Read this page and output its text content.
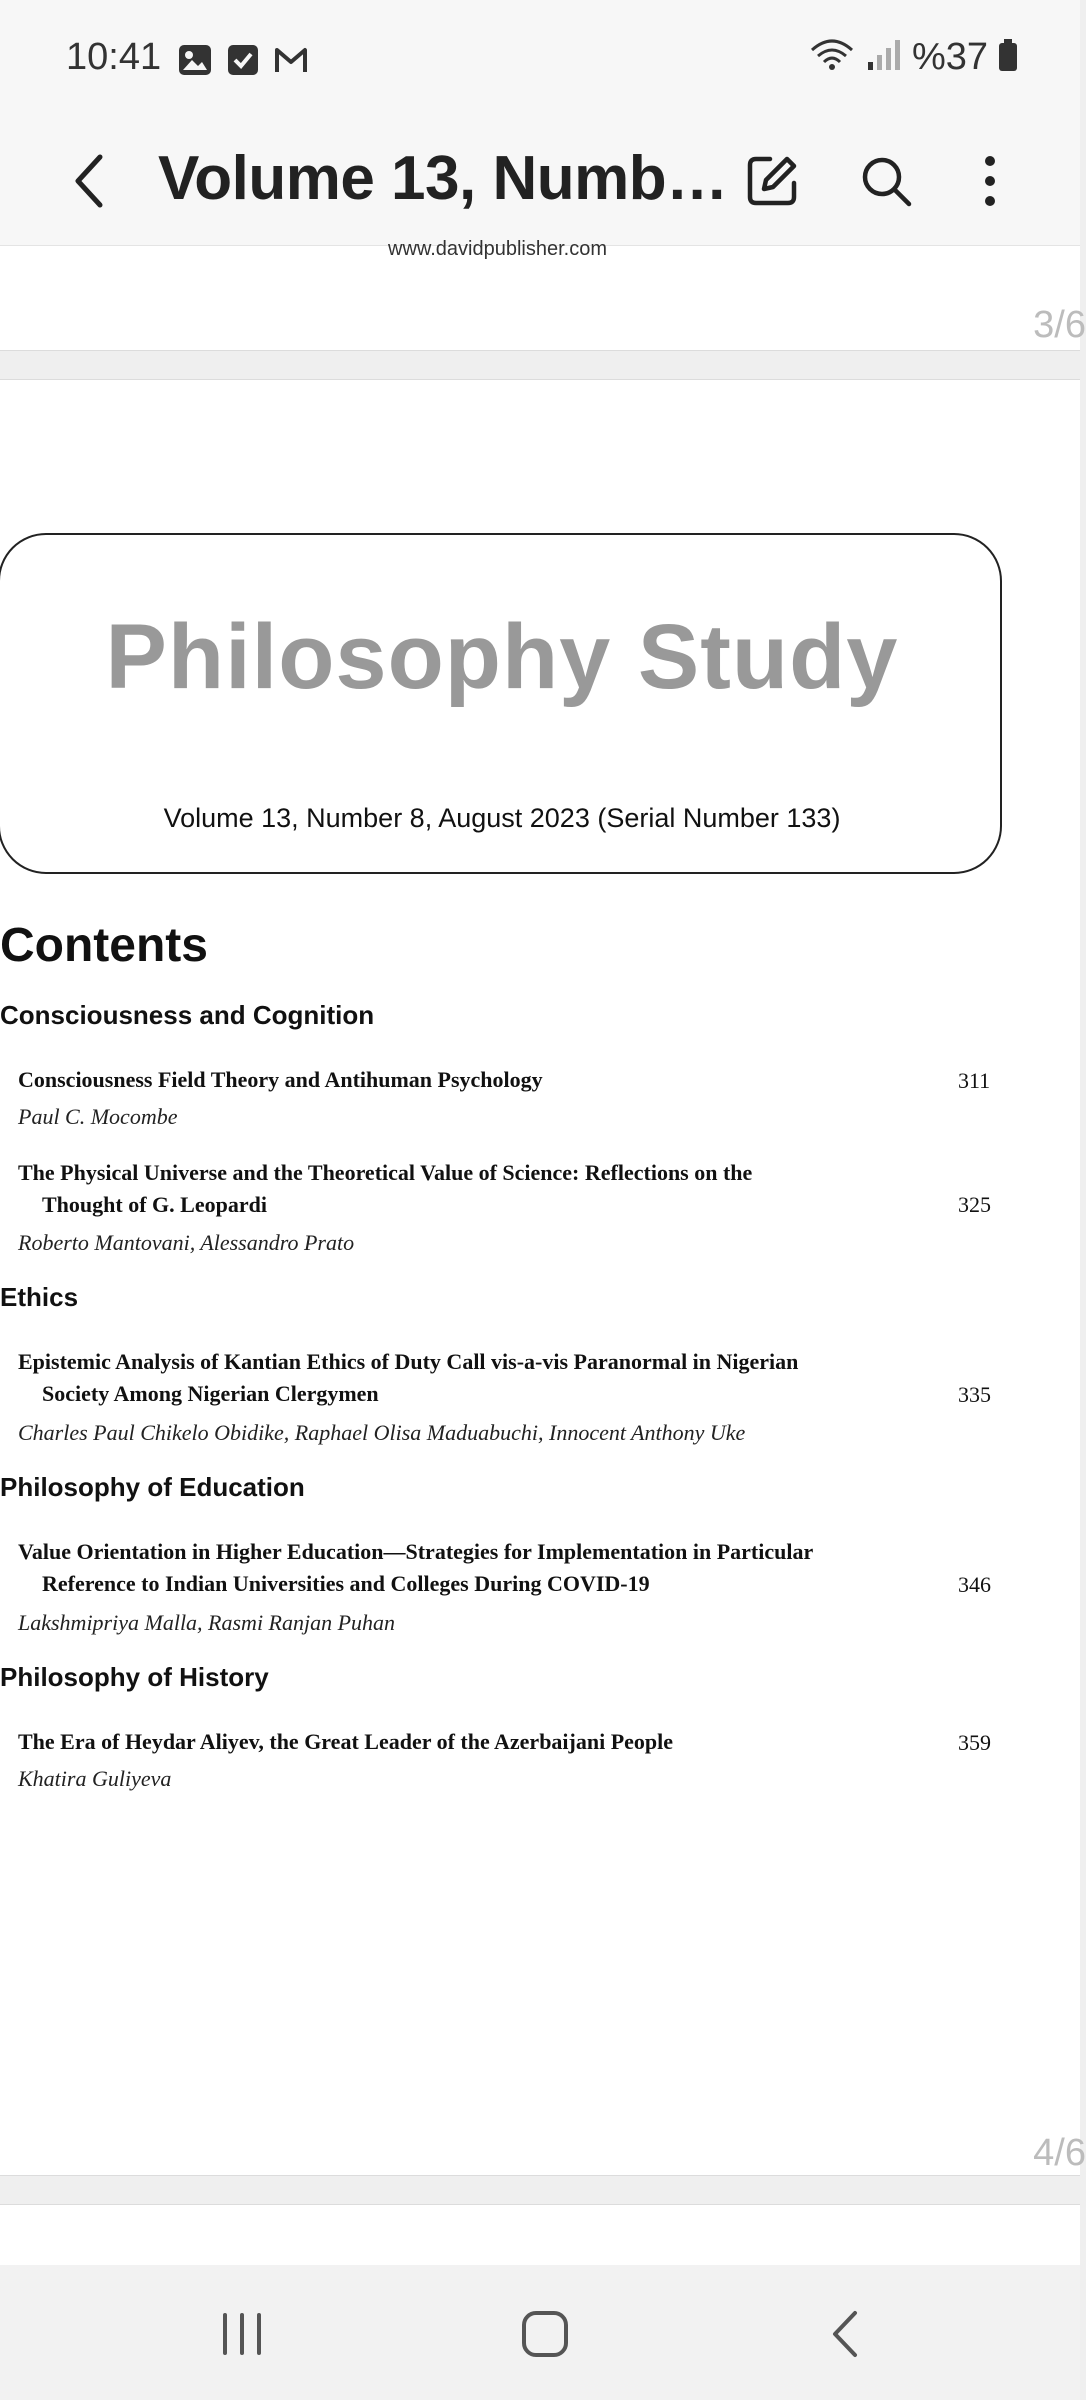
10:41	%37
Volume 13, Numb…
www.davidpublisher.com
3/6
Philosophy Study
Volume 13, Number 8, August 2023 (Serial Number 133)
Contents
Consciousness and Cognition
Consciousness Field Theory and Antihuman Psychology	311
Paul C. Mocombe
The Physical Universe and the Theoretical Value of Science: Reflections on the
Thought of G. Leopardi	325
Roberto Mantovani, Alessandro Prato
Ethics
Epistemic Analysis of Kantian Ethics of Duty Call vis-a-vis Paranormal in Nigerian
Society Among Nigerian Clergymen	335
Charles Paul Chikelo Obidike, Raphael Olisa Maduabuchi, Innocent Anthony Uke
Philosophy of Education
Value Orientation in Higher Education—Strategies for Implementation in Particular
Reference to Indian Universities and Colleges During COVID-19	346
Lakshmipriya Malla, Rasmi Ranjan Puhan
Philosophy of History
The Era of Heydar Aliyev, the Great Leader of the Azerbaijani People	359
Khatira Guliyeva
4/6
